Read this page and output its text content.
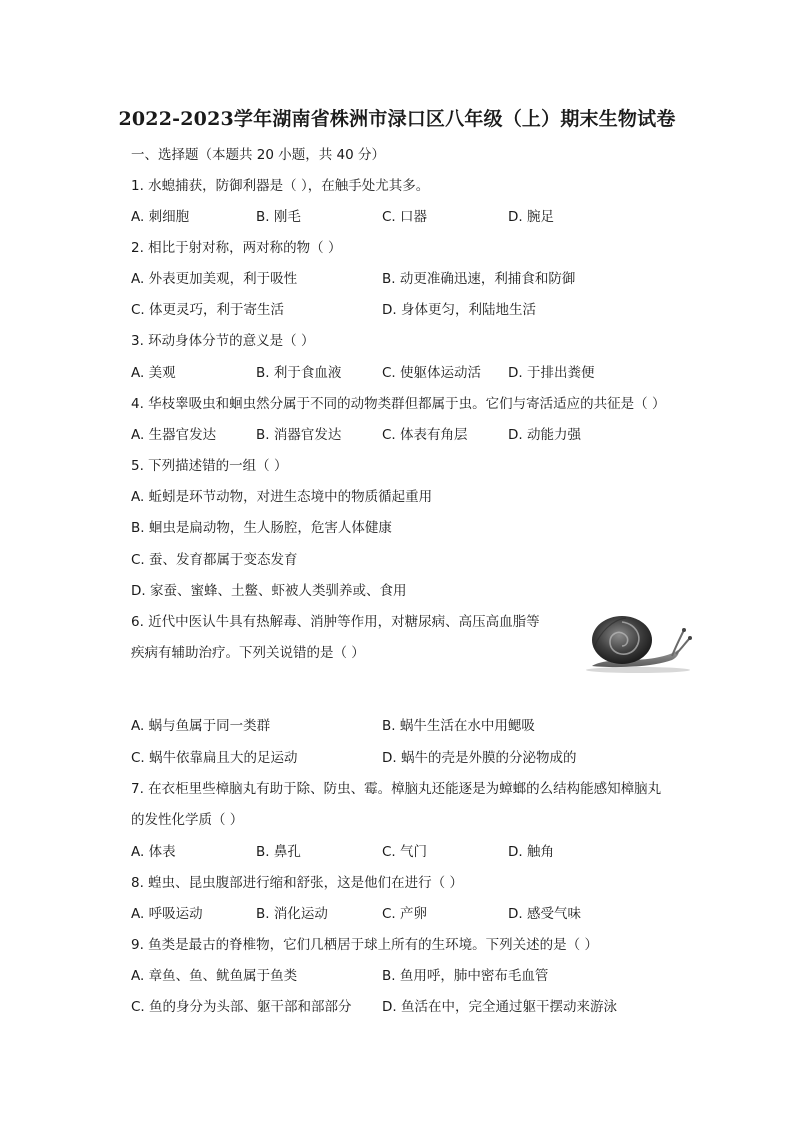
2022-2023学年湖南省株洲市渌口区八年级（上）期末生物试卷
一、选择题（本题共 20 小题，共 40 分）
1. 水螅捕获，防御利器是（ ），在触手处尤其多。
A. 刺细胞	B. 刚毛	C. 口器	D. 腕足
2. 相比于射对称，两对称的物（ ）
A. 外表更加美观，利于吸性	B. 动更准确迅速，利捕食和防御
C. 体更灵巧，利于寄生活	D. 身体更匀，利陆地生活
3. 环动身体分节的意义是（ ）
A. 美观	B. 利于食血液	C. 使躯体运动活 D. 于排出粪便
4. 华枝睾吸虫和蛔虫然分属于不同的动物类群但都属于虫。它们与寄活适应的共征是（ ）
A. 生器官发达	B. 消器官发达	C. 体表有角层	D. 动能力强
5. 下列描述错的一组（ ）
A. 蚯蚓是环节动物，对进生态境中的物质循起重用
B. 蛔虫是扁动物，生人肠腔，危害人体健康
C. 蚕、发育都属于变态发育
D. 家蚕、蜜蜂、土鳖、虾被人类驯养或、食用
6. 近代中医认牛具有热解毒、消肿等作用，对糖尿病、高压高血脂等
疾病有辅助治疗。下列关说错的是（ ）
A. 蜗与鱼属于同一类群	B. 蜗牛生活在水中用鳃吸
C. 蜗牛依靠扁且大的足运动	D. 蜗牛的壳是外膜的分泌物成的
7. 在衣柜里些樟脑丸有助于除、防虫、霉。樟脑丸还能逐是为蟑螂的么结构能感知樟脑丸
的发性化学质（ ）
A. 体表	B. 鼻孔	C. 气门	D. 触角
8. 蝗虫、昆虫腹部进行缩和舒张，这是他们在进行（ ）
A. 呼吸运动	B. 消化运动	C. 产卵	D. 感受气味
9. 鱼类是最古的脊椎物，它们几栖居于球上所有的生环境。下列关述的是（ ）
A. 章鱼、鱼、鱿鱼属于鱼类	B. 鱼用呼，肺中密布毛血管
C. 鱼的身分为头部、躯干部和部部分 D. 鱼活在中，完全通过躯干摆动来游泳
